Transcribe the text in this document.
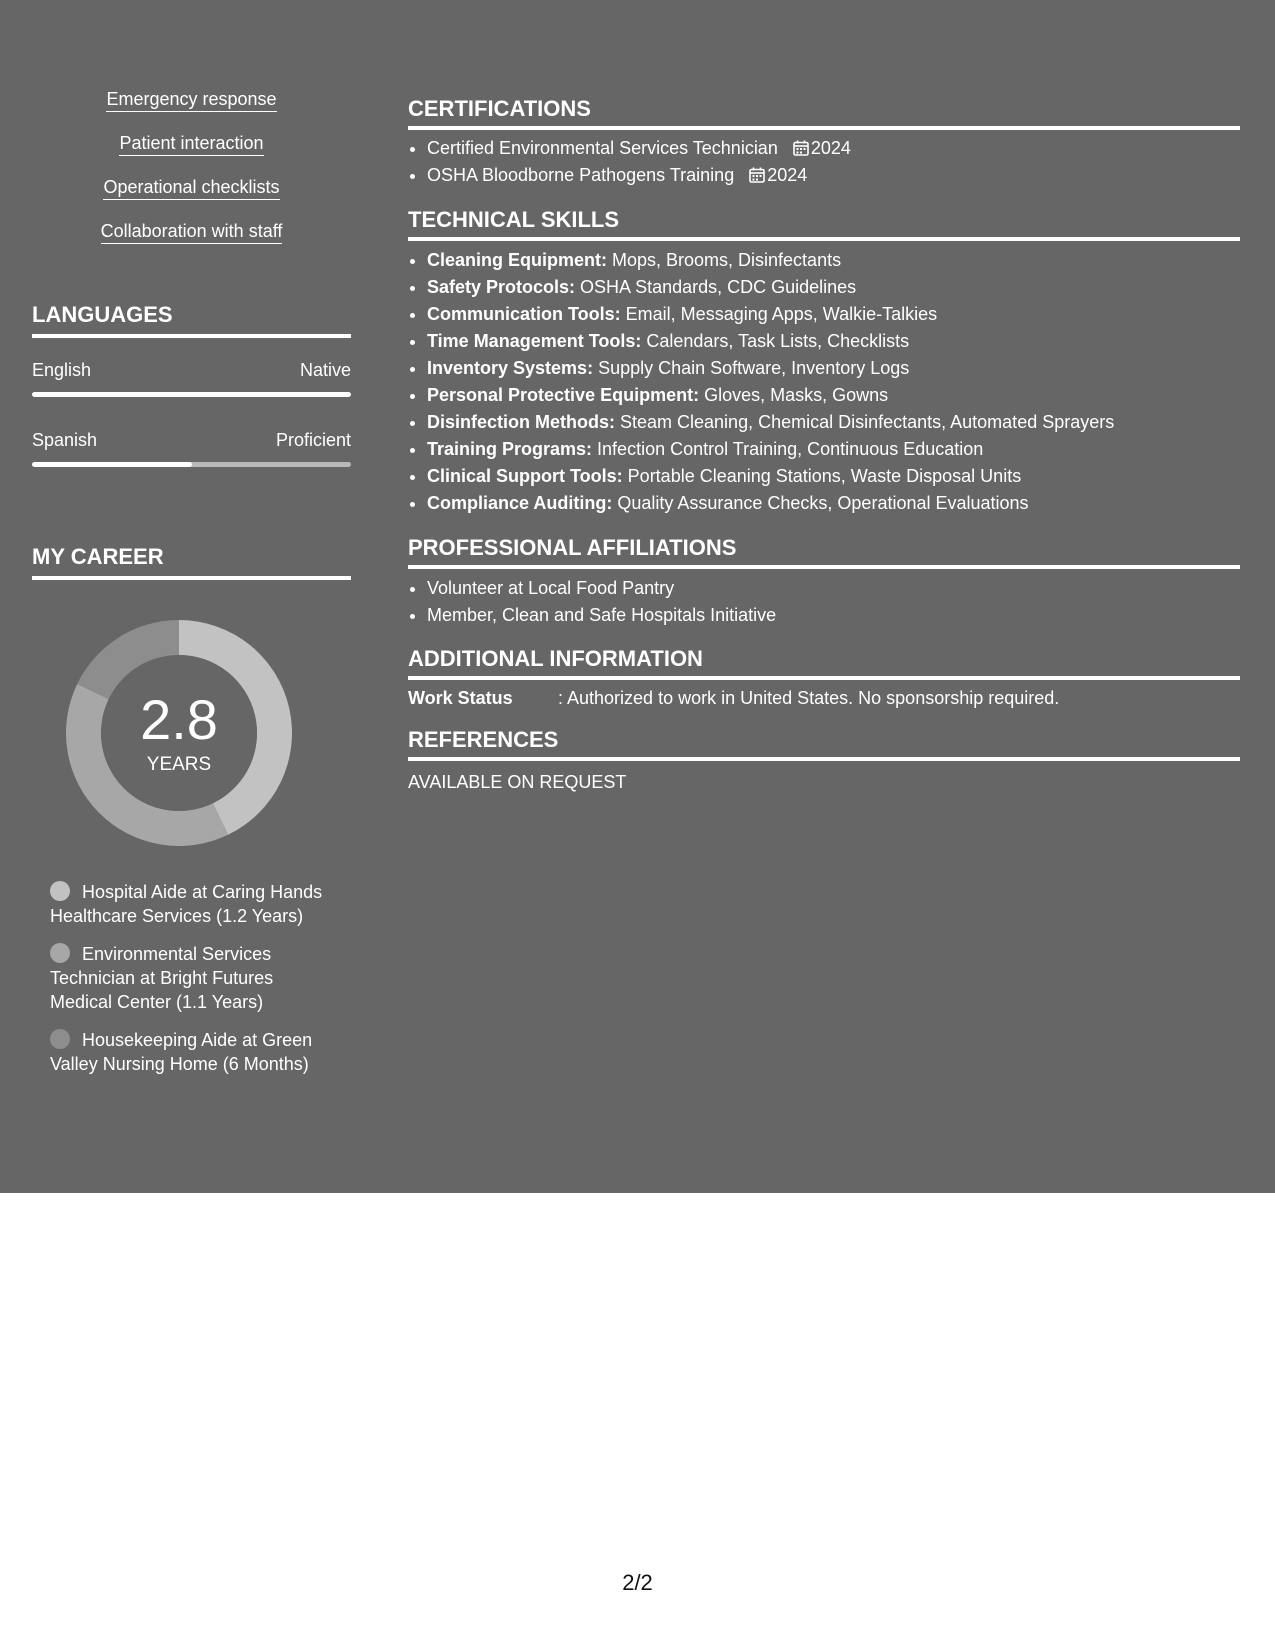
Emergency response
Patient interaction
Operational checklists
Collaboration with staff
LANGUAGES
English	Native
Spanish	Proficient
MY CAREER
2.8
YEARS
Hospital Aide at Caring Hands Healthcare Services (1.2 Years)
Environmental Services Technician at Bright Futures Medical Center (1.1 Years)
Housekeeping Aide at Green Valley Nursing Home (6 Months)
CERTIFICATIONS
• Certified Environmental Services Technician 2024
• OSHA Bloodborne Pathogens Training 2024
TECHNICAL SKILLS
• Cleaning Equipment: Mops, Brooms, Disinfectants
• Safety Protocols: OSHA Standards, CDC Guidelines
• Communication Tools: Email, Messaging Apps, Walkie-Talkies
• Time Management Tools: Calendars, Task Lists, Checklists
• Inventory Systems: Supply Chain Software, Inventory Logs
• Personal Protective Equipment: Gloves, Masks, Gowns
• Disinfection Methods: Steam Cleaning, Chemical Disinfectants, Automated Sprayers
• Training Programs: Infection Control Training, Continuous Education
• Clinical Support Tools: Portable Cleaning Stations, Waste Disposal Units
• Compliance Auditing: Quality Assurance Checks, Operational Evaluations
PROFESSIONAL AFFILIATIONS
• Volunteer at Local Food Pantry
• Member, Clean and Safe Hospitals Initiative
ADDITIONAL INFORMATION
Work Status	: Authorized to work in United States. No sponsorship required.
REFERENCES
AVAILABLE ON REQUEST
2/2
